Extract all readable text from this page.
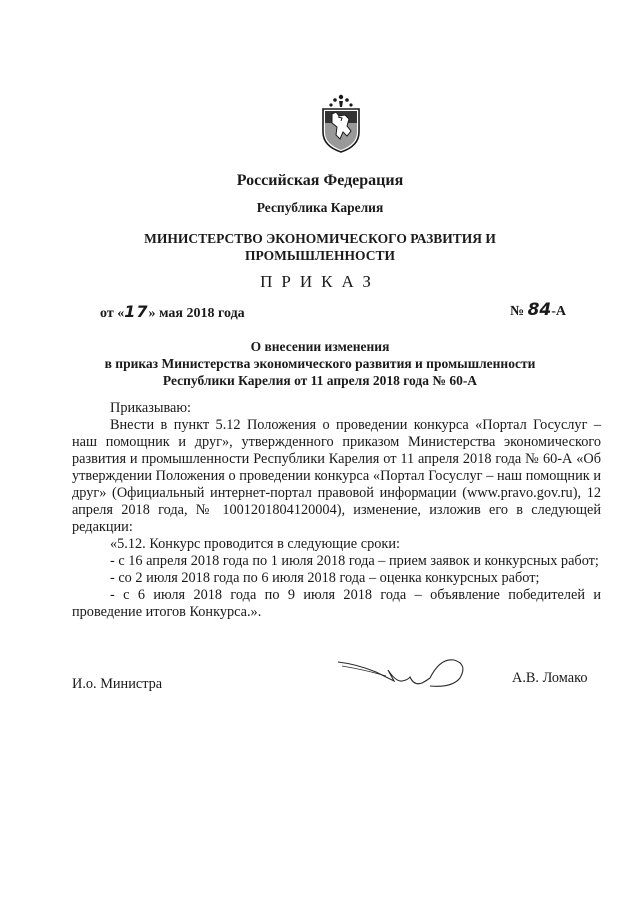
Российская Федерация
Республика Карелия
МИНИСТЕРСТВО ЭКОНОМИЧЕСКОГО РАЗВИТИЯ И
ПРОМЫШЛЕННОСТИ
ПРИКАЗ
от «17» мая 2018 года	№ 84-А
О внесении изменения
в приказ Министерства экономического развития и промышленности
Республики Карелия от 11 апреля 2018 года № 60-А

Приказываю:

Внести в пункт 5.12 Положения о проведении конкурса «Портал Госуслуг – наш помощник и друг», утвержденного приказом Министерства экономического развития и промышленности Республики Карелия от 11 апреля 2018 года № 60-А «Об утверждении Положения о проведении конкурса «Портал Госуслуг – наш помощник и друг» (Официальный интернет-портал правовой информации (www.pravo.gov.ru), 12 апреля 2018 года, № 1001201804120004), изменение, изложив его в следующей редакции:

«5.12. Конкурс проводится в следующие сроки:

- с 16 апреля 2018 года по 1 июля 2018 года – прием заявок и конкурсных работ;

- со 2 июля 2018 года по 6 июля 2018 года – оценка конкурсных работ;

- с 6 июля 2018 года по 9 июля 2018 года – объявление победителей и проведение итогов Конкурса.».

И.о. Министра	А.В. Ломако
